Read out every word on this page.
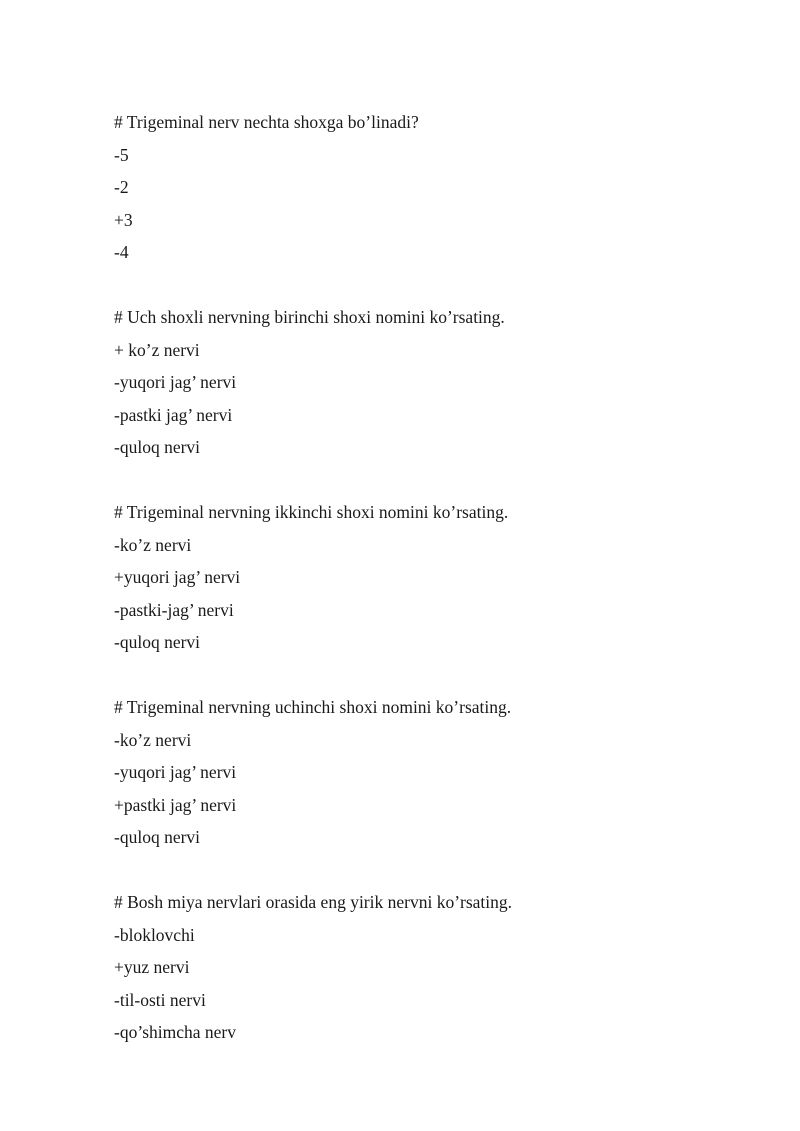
# Trigeminal nerv nechta shoxga bo’linadi?
-5
-2
+3
-4
# Uch shoxli nervning birinchi shoxi nomini ko’rsating.
+ ko’z nervi
-yuqori jag’ nervi
-pastki jag’ nervi
-quloq nervi
# Trigeminal nervning ikkinchi shoxi nomini ko’rsating.
-ko’z nervi
+yuqori jag’ nervi
-pastki-jag’ nervi
-quloq nervi
# Trigeminal nervning uchinchi shoxi nomini ko’rsating.
-ko’z nervi
-yuqori jag’ nervi
+pastki jag’ nervi
-quloq nervi
# Bosh miya nervlari orasida eng yirik nervni ko’rsating.
-bloklovchi
+yuz nervi
-til-osti nervi
-qo’shimcha nerv
